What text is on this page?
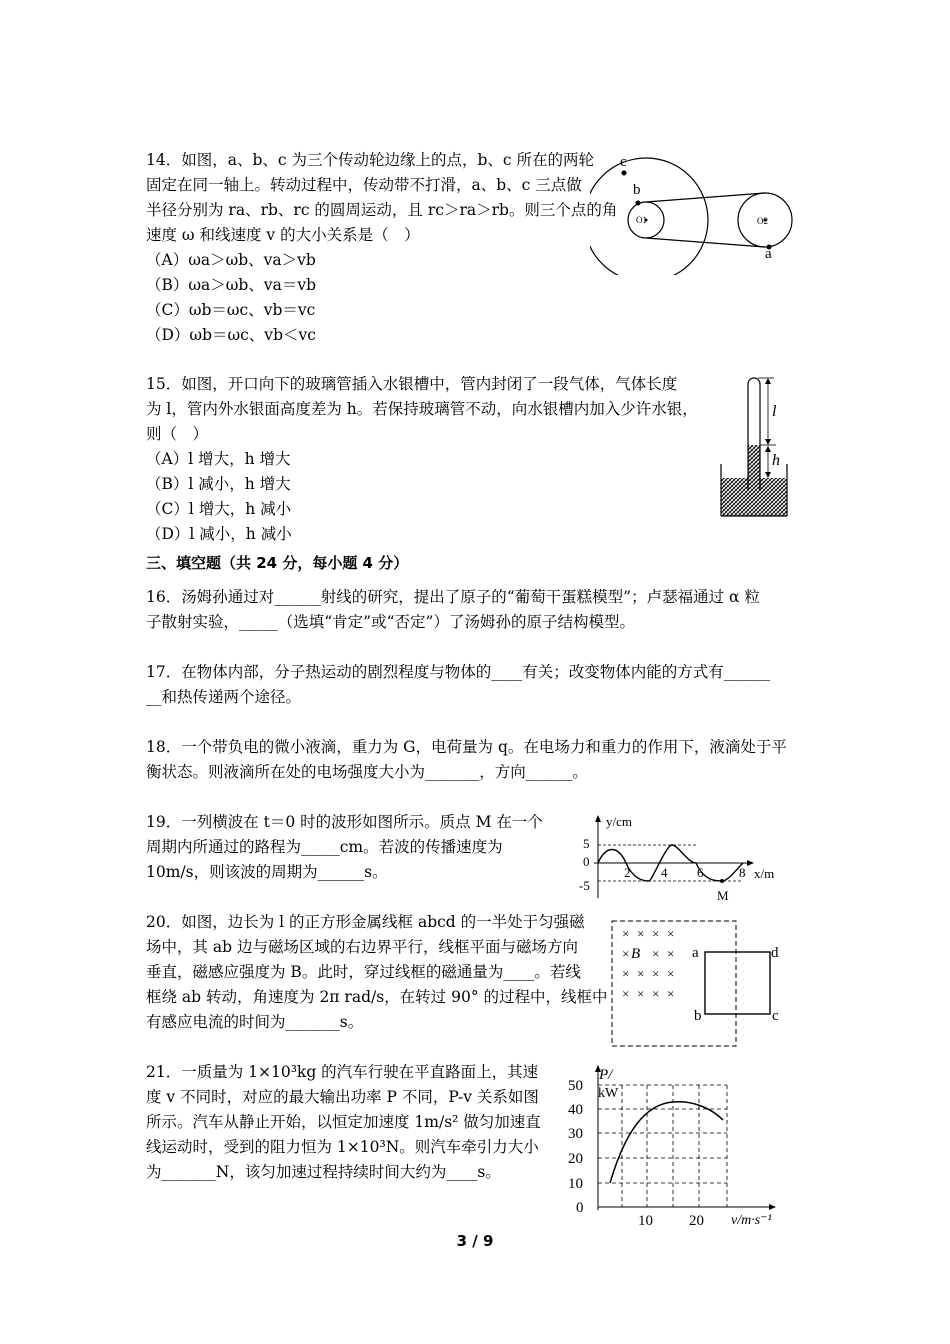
14．如图，a、b、c 为三个传动轮边缘上的点，b、c 所在的两轮
固定在同一轴上。转动过程中，传动带不打滑，a、b、c 三点做
半径分别为 ra、rb、rc 的圆周运动，且 rc＞ra＞rb。则三个点的角
速度 ω 和线速度 v 的大小关系是（　）
（A）ωa＞ωb、va＞vb
（B）ωa＞ωb、va＝vb
（C）ωb＝ωc、vb＝vc
（D）ωb＝ωc、vb＜vc
c
b
a
O1	O2
15．如图，开口向下的玻璃管插入水银槽中，管内封闭了一段气体，气体长度
为 l，管内外水银面高度差为 h。若保持玻璃管不动，向水银槽内加入少许水银，
则（　）
（A）l 增大，h 增大
（B）l 减小，h 增大
（C）l 增大，h 减小
（D）l 减小，h 减小
l
h
三、填空题（共 24 分，每小题 4 分）
16．汤姆孙通过对______射线的研究，提出了原子的“葡萄干蛋糕模型”；卢瑟福通过 α 粒
子散射实验，_____（选填“肯定”或“否定”）了汤姆孙的原子结构模型。
17．在物体内部，分子热运动的剧烈程度与物体的____有关；改变物体内能的方式有______
__和热传递两个途径。
18．一个带负电的微小液滴，重力为 G，电荷量为 q。在电场力和重力的作用下，液滴处于平
衡状态。则液滴所在处的电场强度大小为_______，方向______。
19．一列横波在 t＝0 时的波形如图所示。质点 M 在一个
周期内所通过的路程为_____cm。若波的传播速度为
10m/s，则该波的周期为______s。
y/cm
x/m
5
0
-5
2 4 6	8
M
20．如图，边长为 l 的正方形金属线框 abcd 的一半处于匀强磁
场中，其 ab 边与磁场区域的右边界平行，线框平面与磁场方向
垂直，磁感应强度为 B。此时，穿过线框的磁通量为____。若线
框绕 ab 转动，角速度为 2π rad/s，在转过 90° 的过程中，线框中
有感应电流的时间为_______s。
× × × ×
× × ×
× × × ×
× × × ×
B	a	d
b	c
21．一质量为 1×10³kg 的汽车行驶在平直路面上，其速
度 v 不同时，对应的最大输出功率 P 不同，P-v 关系如图
所示。汽车从静止开始，以恒定加速度 1m/s² 做匀加速直
线运动时，受到的阻力恒为 1×10³N。则汽车牵引力大小
为_______N，该匀加速过程持续时间大约为____s。
P/
kW
50
40
30
20
10
0
10 20 v/m·s⁻¹
3 / 9
